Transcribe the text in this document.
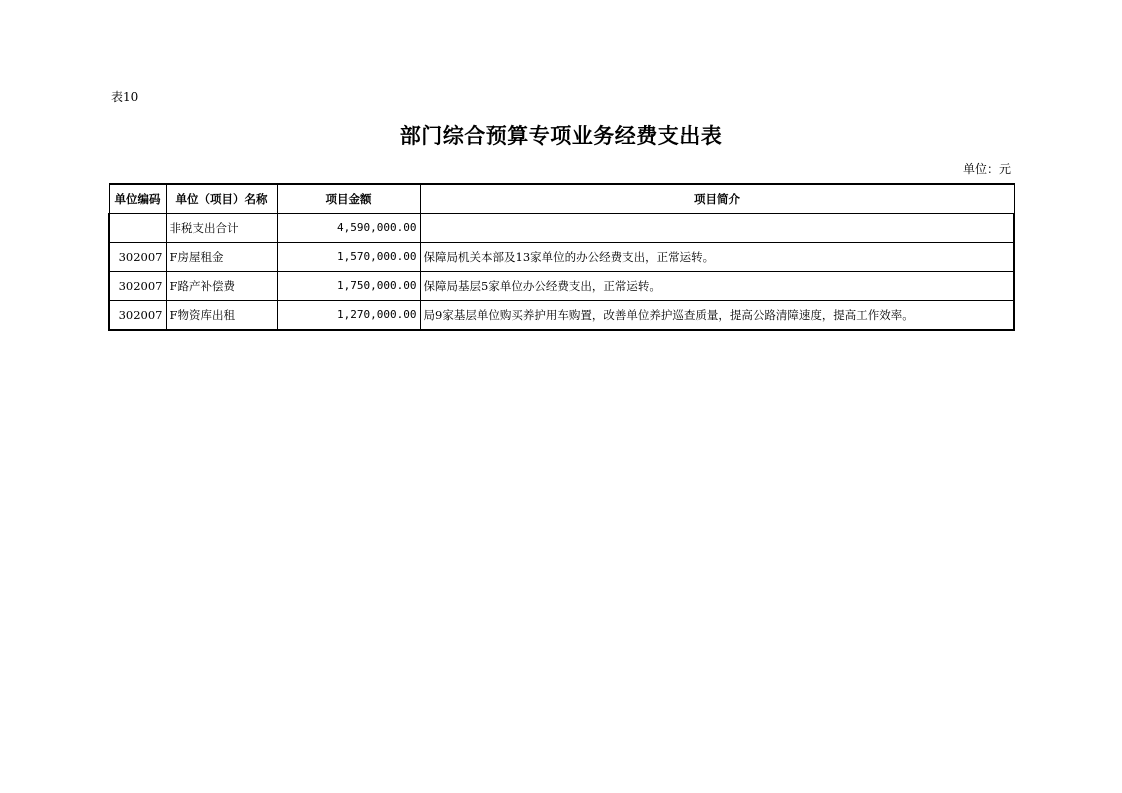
表10
部门综合预算专项业务经费支出表
单位：元
单位编码	单位（项目）名称	项目金额	项目简介
	非税支出合计	4,590,000.00	
302007	F房屋租金	1,570,000.00	保障局机关本部及13家单位的办公经费支出，正常运转。
302007	F路产补偿费	1,750,000.00	保障局基层5家单位办公经费支出，正常运转。
302007	F物资库出租	1,270,000.00	局9家基层单位购买养护用车购置，改善单位养护巡查质量，提高公路清障速度，提高工作效率。
